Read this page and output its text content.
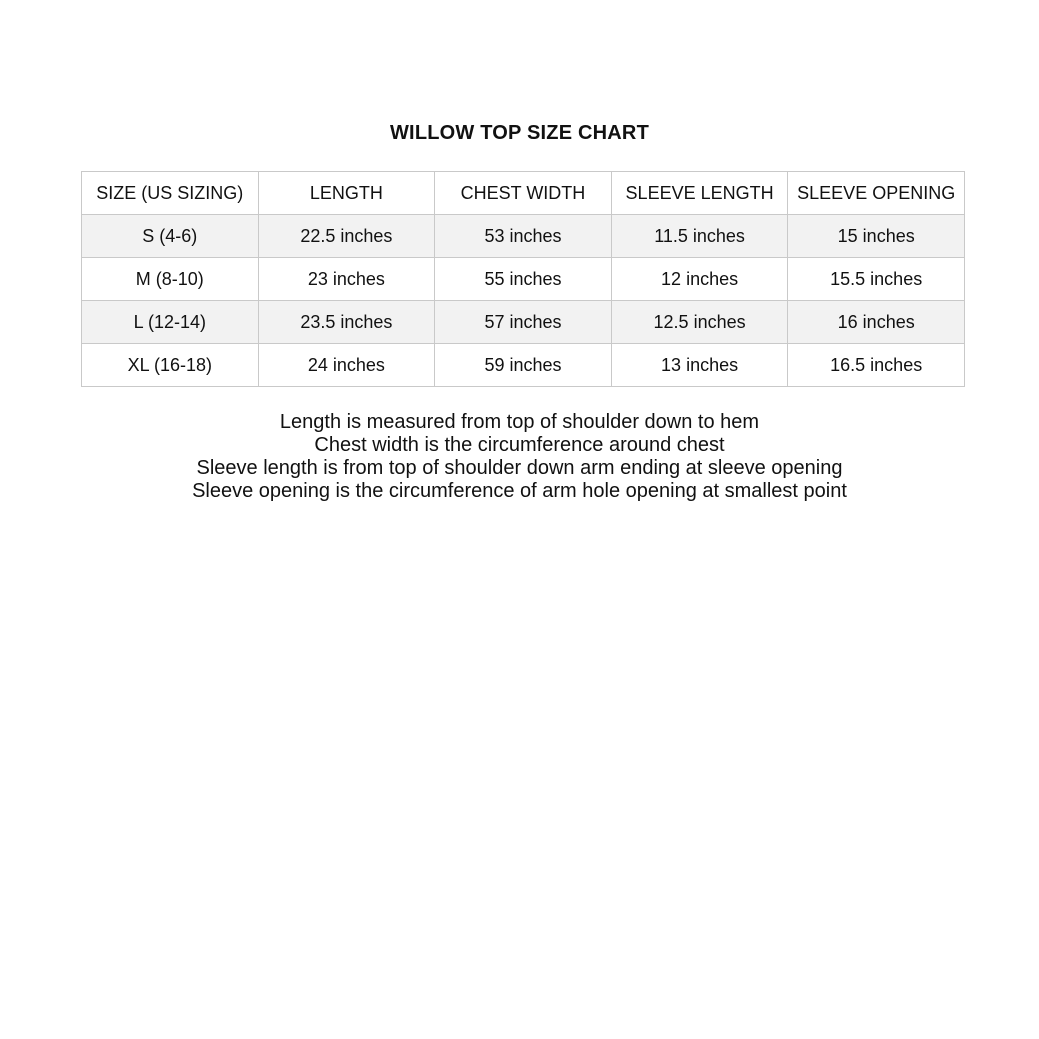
WILLOW TOP SIZE CHART
SIZE (US SIZING)	LENGTH	CHEST WIDTH	SLEEVE LENGTH	SLEEVE OPENING
S (4-6)	22.5 inches	53 inches	11.5 inches	15 inches
M (8-10)	23 inches	55 inches	12 inches	15.5 inches
L (12-14)	23.5 inches	57 inches	12.5 inches	16 inches
XL (16-18)	24 inches	59 inches	13 inches	16.5 inches
Length is measured from top of shoulder down to hem
Chest width is the circumference around chest
Sleeve length is from top of shoulder down arm ending at sleeve opening
Sleeve opening is the circumference of arm hole opening at smallest point
